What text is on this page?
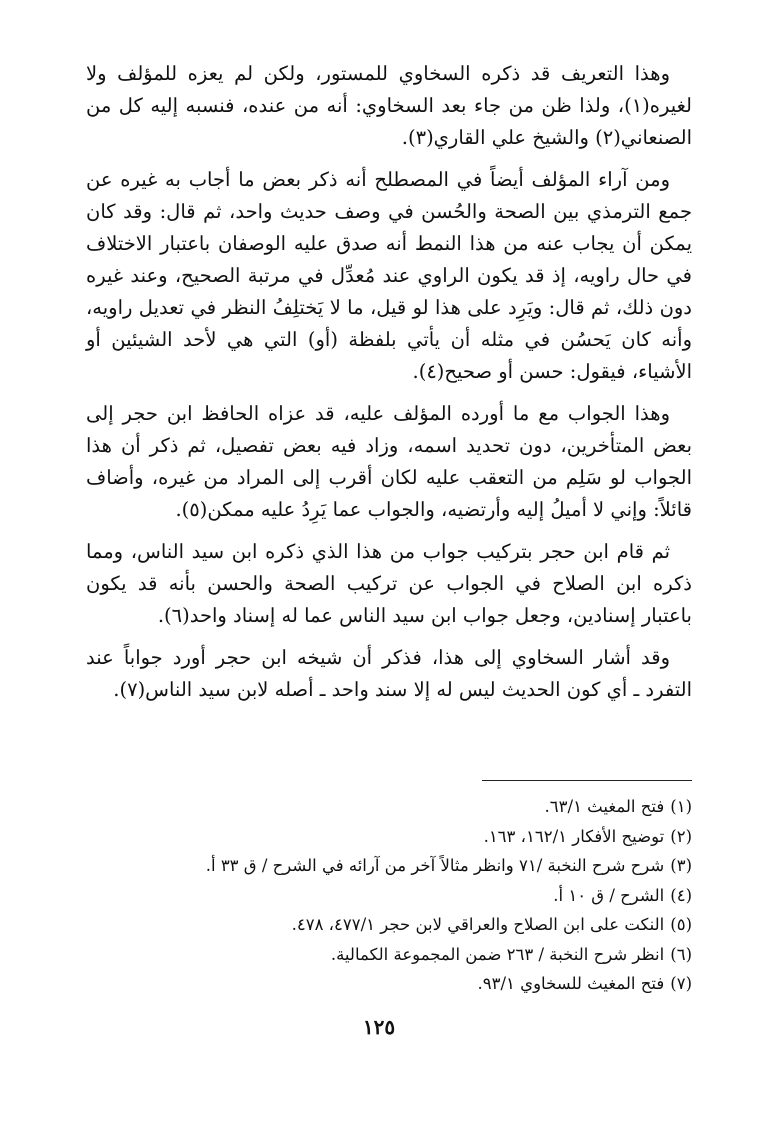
وهذا التعريف قد ذكره السخاوي للمستور، ولكن لم يعزه للمؤلف ولا لغيره(١)، ولذا ظن من جاء بعد السخاوي: أنه من عنده، فنسبه إليه كل من الصنعاني(٢) والشيخ علي القاري(٣).

ومن آراء المؤلف أيضاً في المصطلح أنه ذكر بعض ما أجاب به غيره عن جمع الترمذي بين الصحة والحُسن في وصف حديث واحد، ثم قال: وقد كان يمكن أن يجاب عنه من هذا النمط أنه صدق عليه الوصفان باعتبار الاختلاف في حال راويه، إذ قد يكون الراوي عند مُعدِّل في مرتبة الصحيح، وعند غيره دون ذلك، ثم قال: ويَرِد على هذا لو قيل، ما لا يَختلِفُ النظر في تعديل راويه، وأنه كان يَحسُن في مثله أن يأتي بلفظة (أو) التي هي لأحد الشيئين أو الأشياء، فيقول: حسن أو صحيح(٤).

وهذا الجواب مع ما أورده المؤلف عليه، قد عزاه الحافظ ابن حجر إلى بعض المتأخرين، دون تحديد اسمه، وزاد فيه بعض تفصيل، ثم ذكر أن هذا الجواب لو سَلِم من التعقب عليه لكان أقرب إلى المراد من غيره، وأضاف قائلاً: وإني لا أميلُ إليه وأرتضيه، والجواب عما يَرِدُ عليه ممكن(٥).

ثم قام ابن حجر بتركيب جواب من هذا الذي ذكره ابن سيد الناس، ومما ذكره ابن الصلاح في الجواب عن تركيب الصحة والحسن بأنه قد يكون باعتبار إسنادين، وجعل جواب ابن سيد الناس عما له إسناد واحد(٦).

وقد أشار السخاوي إلى هذا، فذكر أن شيخه ابن حجر أورد جواباً عند التفرد ـ أي كون الحديث ليس له إلا سند واحد ـ أصله لابن سيد الناس(٧).

(١)فتح المغيث ٦٣/١.
(٢)توضيح الأفكار ١٦٢/١، ١٦٣.
(٣)شرح شرح النخبة /٧١ وانظر مثالاً آخر من آرائه في الشرح / ق ٣٣ أ.
(٤)الشرح / ق ١٠ أ.
(٥)النكت على ابن الصلاح والعراقي لابن حجر ٤٧٧/١، ٤٧٨.
(٦)انظر شرح النخبة / ٢٦٣ ضمن المجموعة الكمالية.
(٧)فتح المغيث للسخاوي ٩٣/١.
١٢٥
